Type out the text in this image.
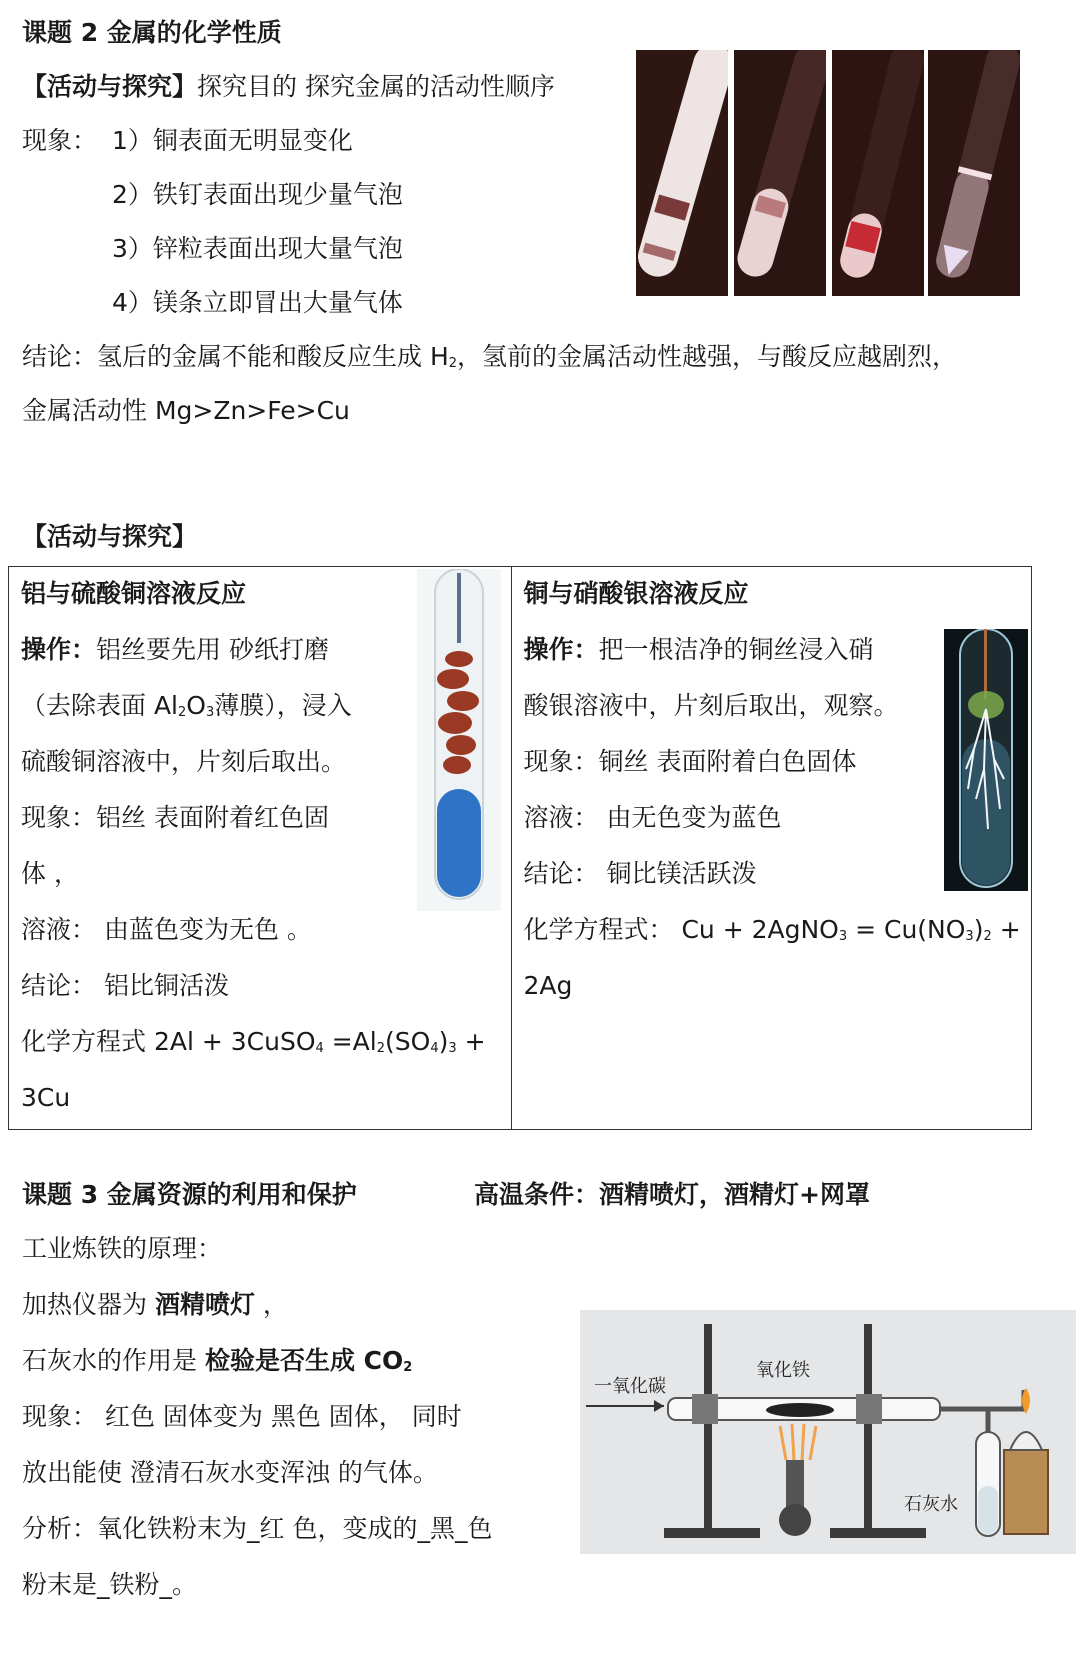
课题 2 金属的化学性质
【活动与探究】探究目的 探究金属的活动性顺序
现象： 1）铜表面无明显变化
2）铁钉表面出现少量气泡
3）锌粒表面出现大量气泡
4）镁条立即冒出大量气体
结论：氢后的金属不能和酸反应生成 $H_2$，氢前的金属活动性越强，与酸反应越剧烈，
金属活动性 Mg>Zn>Fe>Cu
【活动与探究】
铝与硫酸铜溶液反应
操作：铝丝要先用 砂纸打磨
（去除表面 $Al_2O_3$薄膜），浸入
硫酸铜溶液中，片刻后取出。
现象：铝丝 表面附着红色固
体 ，
溶液： 由蓝色变为无色 。
结论： 铝比铜活泼
化学方程式 2Al + 3CuSO$_4$ $=Al_2(SO_4)_3$ +
3Cu

铜与硝酸银溶液反应
操作：把一根洁净的铜丝浸入硝
酸银溶液中，片刻后取出，观察。
现象：铜丝 表面附着白色固体
溶液： 由无色变为蓝色
结论： 铜比镁活跃泼
化学方程式： Cu + 2AgNO$_3$ = $Cu(NO_3)_2$ +
2Ag
课题 3 金属资源的利用和保护	高温条件：酒精喷灯，酒精灯+网罩
工业炼铁的原理：
加热仪器为 酒精喷灯 ，
石灰水的作用是 检验是否生成 $CO_2$
现象： 红色 固体变为 黑色 固体， 同时
放出能使 澄清石灰水变浑浊 的气体。
分析：氧化铁粉末为_红 色，变成的_黑_色
粉末是_铁粉_。
一氧化碳
氧化铁
石灰水
